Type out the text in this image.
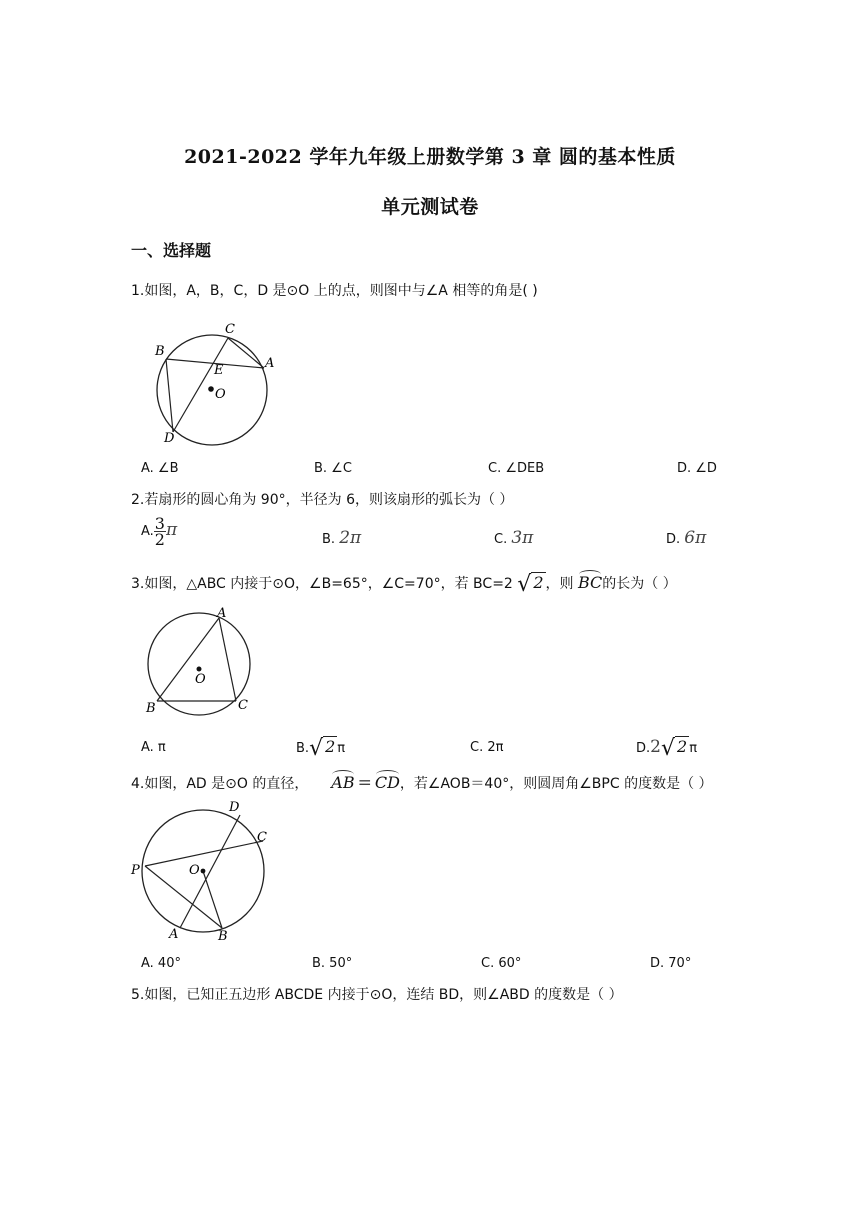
2021-2022 学年九年级上册数学第 3 章 圆的基本性质
单元测试卷
一、选择题
1.如图，A，B，C，D 是⊙O 上的点，则图中与∠A 相等的角是( )
B
C
A
E
O
D
A. ∠B	B. ∠C	C. ∠DEB	D. ∠D
2.若扇形的圆心角为 90°，半径为 6，则该扇形的弧长为（ ）
A. $\frac{3}{2}$ π	B. 2π	C. 3π	D. 6π
3.如图，△ABC 内接于⊙O，∠B=65°，∠C=70°，若 BC=2 √ 2 ，则 BC的长为（ ）
A
B	C
O
A. π	B.√ 2 π	C. 2π	D.2√ 2 π
4.如图，AD 是⊙O 的直径， AB = CD，若∠AOB＝40°，则圆周角∠BPC 的度数是（ ）
D
C
P	O
A	B
A. 40°	B. 50°	C. 60°	D. 70°
5.如图，已知正五边形 ABCDE 内接于⊙O，连结 BD，则∠ABD 的度数是（ ）
